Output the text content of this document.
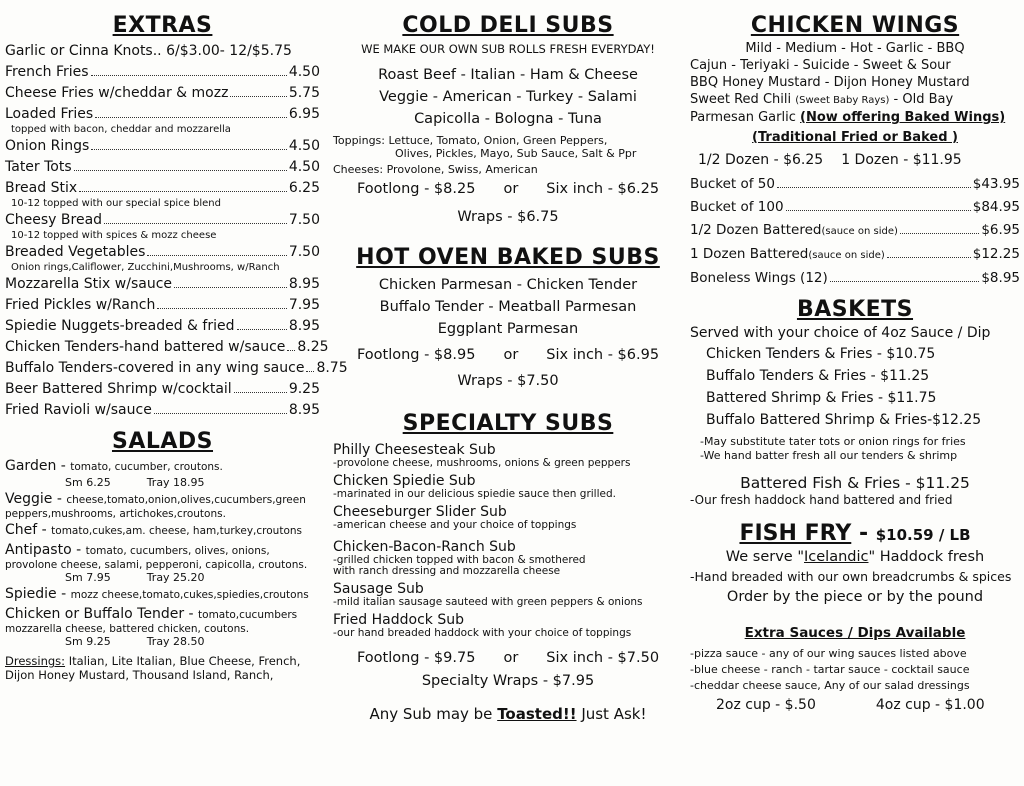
EXTRAS
Garlic or Cinna Knots.. 6/$3.00- 12/$5.75
French Fries	4.50
Cheese Fries w/cheddar & mozz	5.75
Loaded Fries	6.95
topped with bacon, cheddar and mozzarella
Onion Rings	4.50
Tater Tots	4.50
Bread Stix	6.25
10-12 topped with our special spice blend
Cheesy Bread	7.50
10-12 topped with spices & mozz cheese
Breaded Vegetables	7.50
Onion rings,Califlower, Zucchini,Mushrooms, w/Ranch
Mozzarella Stix w/sauce	8.95
Fried Pickles w/Ranch	7.95
Spiedie Nuggets-breaded & fried	8.95
Chicken Tenders-hand battered w/sauce 8.25
Buffalo Tenders-covered in any wing sauce 8.75
Beer Battered Shrimp w/cocktail	9.25
Fried Ravioli w/sauce	8.95
SALADS
Garden - tomato, cucumber, croutons.
Sm 6.25	Tray 18.95
Veggie - cheese,tomato,onion,olives,cucumbers,green
peppers,mushrooms, artichokes,croutons.
Chef - tomato,cukes,am. cheese, ham,turkey,croutons
Antipasto - tomato, cucumbers, olives, onions,
provolone cheese, salami, pepperoni, capicolla, croutons.
Sm 7.95	Tray 25.20
Spiedie - mozz cheese,tomato,cukes,spiedies,croutons
Chicken or Buffalo Tender - tomato,cucumbers
mozzarella cheese, battered chicken, coutons.
Sm 9.25	Tray 28.50
Dressings: Italian, Lite Italian, Blue Cheese, French,
Dijon Honey Mustard, Thousand Island, Ranch,
COLD DELI SUBS
WE MAKE OUR OWN SUB ROLLS FRESH EVERYDAY!
Roast Beef - Italian - Ham & Cheese
Veggie - American - Turkey - Salami
Capicolla - Bologna - Tuna
Toppings: Lettuce, Tomato, Onion, Green Peppers,
Olives, Pickles, Mayo, Sub Sauce, Salt & Ppr
Cheeses: Provolone, Swiss, American
Footlong - $8.25 or Six inch - $6.25
Wraps - $6.75
HOT OVEN BAKED SUBS
Chicken Parmesan - Chicken Tender
Buffalo Tender - Meatball Parmesan
Eggplant Parmesan
Footlong - $8.95 or Six inch - $6.95
Wraps - $7.50
SPECIALTY SUBS
Philly Cheesesteak Sub
-provolone cheese, mushrooms, onions & green peppers
Chicken Spiedie Sub
-marinated in our delicious spiedie sauce then grilled.
Cheeseburger Slider Sub
-american cheese and your choice of toppings
Chicken-Bacon-Ranch Sub
-grilled chicken topped with bacon & smothered
with ranch dressing and mozzarella cheese
Sausage Sub
-mild italian sausage sauteed with green peppers & onions
Fried Haddock Sub
-our hand breaded haddock with your choice of toppings
Footlong - $9.75 or Six inch - $7.50
Specialty Wraps - $7.95
Any Sub may be Toasted!! Just Ask!
CHICKEN WINGS
Mild - Medium - Hot - Garlic - BBQ
Cajun - Teriyaki - Suicide - Sweet & Sour
BBQ Honey Mustard - Dijon Honey Mustard
Sweet Red Chili (Sweet Baby Rays) - Old Bay
Parmesan Garlic (Now offering Baked Wings)
(Traditional Fried or Baked )
1/2 Dozen - $6.25 1 Dozen - $11.95
Bucket of 50	$43.95
Bucket of 100	$84.95
1/2 Dozen Battered (sauce on side)	$6.95
1 Dozen Battered (sauce on side)	$12.25
Boneless Wings (12)	$8.95
BASKETS
Served with your choice of 4oz Sauce / Dip
Chicken Tenders & Fries - $10.75
Buffalo Tenders & Fries - $11.25
Battered Shrimp & Fries - $11.75
Buffalo Battered Shrimp & Fries-$12.25
-May substitute tater tots or onion rings for fries
-We hand batter fresh all our tenders & shrimp
Battered Fish & Fries - $11.25
-Our fresh haddock hand battered and fried
FISH FRY - $10.59 / LB
We serve "Icelandic" Haddock fresh
-Hand breaded with our own breadcrumbs & spices
Order by the piece or by the pound
Extra Sauces / Dips Available
-pizza sauce - any of our wing sauces listed above
-blue cheese - ranch - tartar sauce - cocktail sauce
-cheddar cheese sauce, Any of our salad dressings
2oz cup - $.50	4oz cup - $1.00
